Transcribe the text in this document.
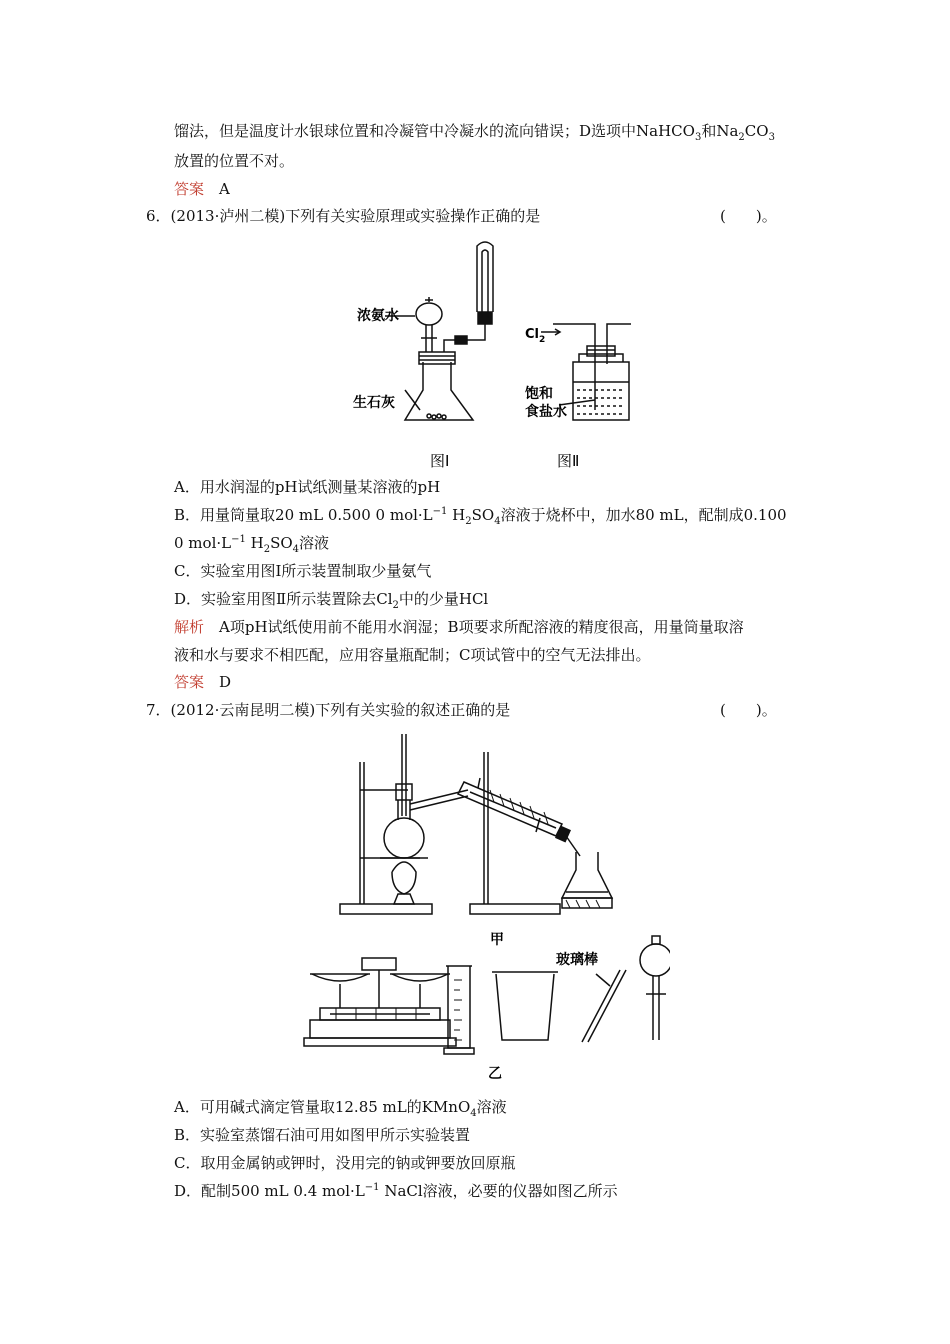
馏法，但是温度计水银球位置和冷凝管中冷凝水的流向错误；D选项中NaHCO$_3$和$Na_2CO_3$
放置的位置不对。
答案　 A
6．(2013·泸州二模)下列有关实验原理或实验操作正确的是	(　　)。
浓氨水
生石灰
$Cl_2$
饱和
食盐水
图Ⅰ	图Ⅱ
A．用水润湿的pH试纸测量某溶液的pH
B．用量筒量取20 mL 0.500 0 $mol\cdot L^{-1}$ $H_2SO_4$溶液于烧杯中，加水80 mL，配制成0.100
0 $mol\cdot L^{-1}$ $H_2SO_4$溶液
C．实验室用图Ⅰ所示装置制取少量氨气
D．实验室用图Ⅱ所示装置除去$Cl_2$中的少量HCl
解析　 A项pH试纸使用前不能用水润湿；B项要求所配溶液的精度很高，用量筒量取溶
液和水与要求不相匹配，应用容量瓶配制；C项试管中的空气无法排出。
答案　 D
7．(2012·云南昆明二模)下列有关实验的叙述正确的是	(　　)。
甲
玻璃棒
乙
A．可用碱式滴定管量取12.85 mL的KMnO$_4$溶液
B．实验室蒸馏石油可用如图甲所示实验装置
C．取用金属钠或钾时，没用完的钠或钾要放回原瓶
D．配制500 mL 0.4 $mol\cdot L^{-1}$ NaCl溶液，必要的仪器如图乙所示
